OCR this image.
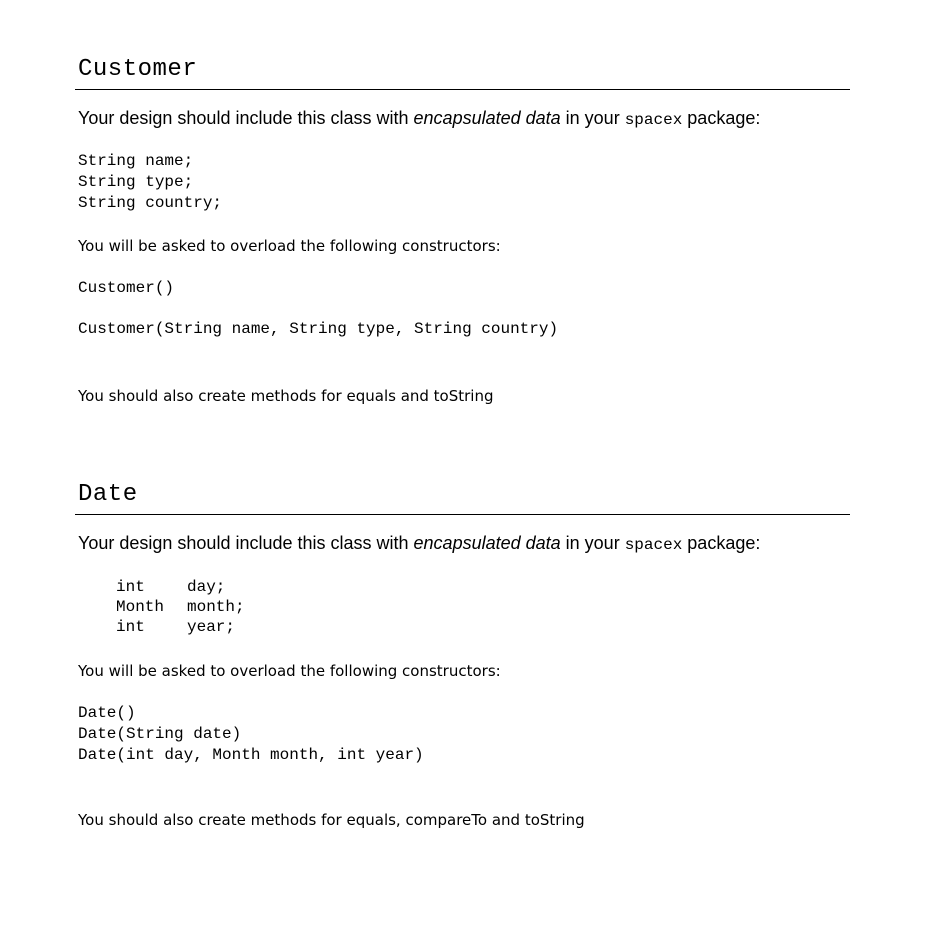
Customer
Your design should include this class with encapsulated data in your spacex package:
String name;
String type;
String country;
You will be asked to overload the following constructors:
Customer()
Customer(String name, String type, String country)
You should also create methods for equals and toString
Date
Your design should include this class with encapsulated data in your spacex package:
int	day;
Month	month;
int	year;
You will be asked to overload the following constructors:
Date()
Date(String date)
Date(int day, Month month, int year)
You should also create methods for equals, compareTo and toString
